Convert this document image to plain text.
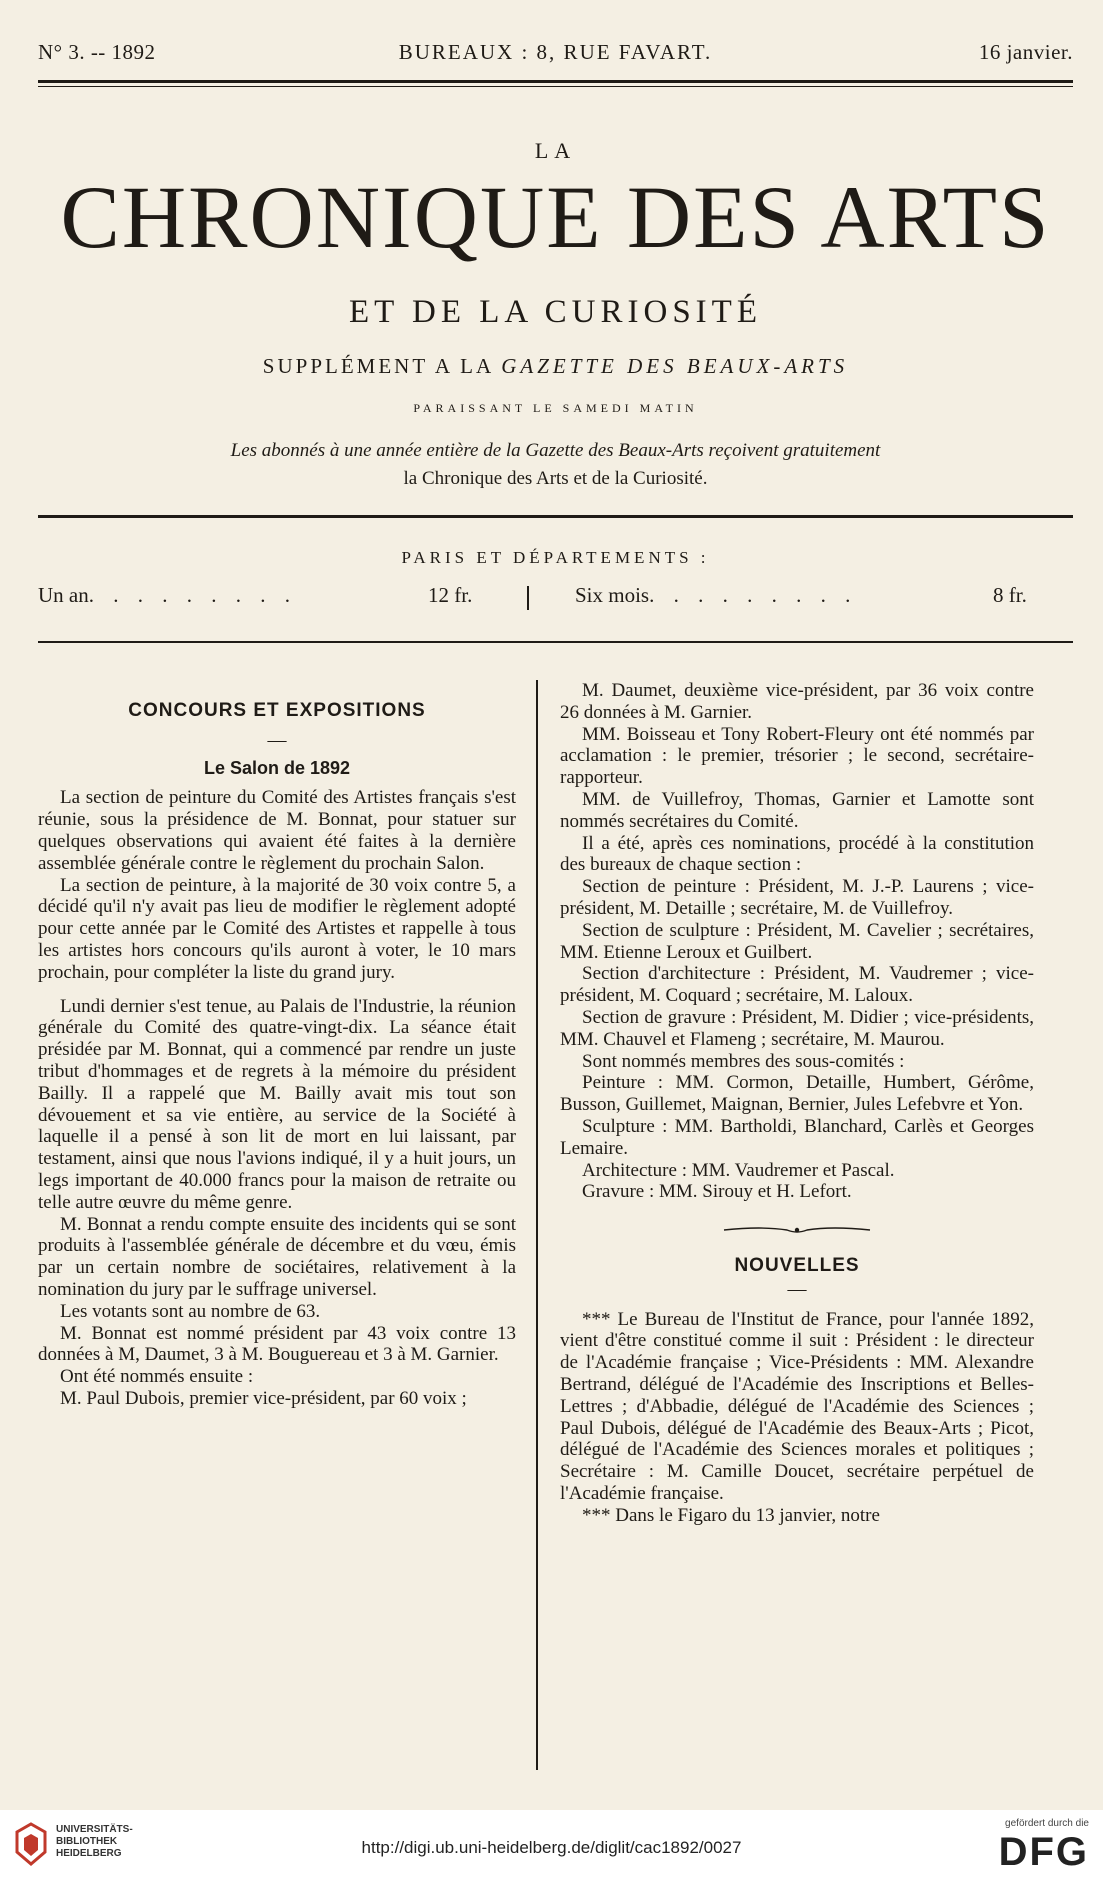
N° 3. -- 1892	BUREAUX : 8, RUE FAVART.	16 janvier.
LA
CHRONIQUE DES ARTS
ET DE LA CURIOSITÉ
SUPPLÉMENT A LA GAZETTE DES BEAUX-ARTS
PARAISSANT LE SAMEDI MATIN
Les abonnés à une année entière de la Gazette des Beaux-Arts reçoivent gratuitement
la Chronique des Arts et de la Curiosité.
PARIS ET DÉPARTEMENTS :
Un an. . . . . . . . .	12 fr.	Six mois. . . . . . . . .	8 fr.

CONCOURS ET EXPOSITIONS

—

Le Salon de 1892

La section de peinture du Comité des Artistes français s'est réunie, sous la présidence de M. Bonnat, pour statuer sur quelques observations qui avaient été faites à la dernière assemblée générale contre le règlement du prochain Salon.

La section de peinture, à la majorité de 30 voix contre 5, a décidé qu'il n'y avait pas lieu de modifier le règlement adopté pour cette année par le Comité des Artistes et rappelle à tous les artistes hors concours qu'ils auront à voter, le 10 mars prochain, pour compléter la liste du grand jury.

Lundi dernier s'est tenue, au Palais de l'Industrie, la réunion générale du Comité des quatre-vingt-dix. La séance était présidée par M. Bonnat, qui a commencé par rendre un juste tribut d'hommages et de regrets à la mémoire du président Bailly. Il a rappelé que M. Bailly avait mis tout son dévouement et sa vie entière, au service de la Société à laquelle il a pensé à son lit de mort en lui laissant, par testament, ainsi que nous l'avions indiqué, il y a huit jours, un legs important de 40.000 francs pour la maison de retraite ou telle autre œuvre du même genre.

M. Bonnat a rendu compte ensuite des incidents qui se sont produits à l'assemblée générale de décembre et du vœu, émis par un certain nombre de sociétaires, relativement à la nomination du jury par le suffrage universel.

Les votants sont au nombre de 63.

M. Bonnat est nommé président par 43 voix contre 13 données à M, Daumet, 3 à M. Bouguereau et 3 à M. Garnier.

Ont été nommés ensuite :

M. Paul Dubois, premier vice-président, par 60 voix ;

M. Daumet, deuxième vice-président, par 36 voix contre 26 données à M. Garnier.

MM. Boisseau et Tony Robert-Fleury ont été nommés par acclamation : le premier, trésorier ; le second, secrétaire-rapporteur.

MM. de Vuillefroy, Thomas, Garnier et Lamotte sont nommés secrétaires du Comité.

Il a été, après ces nominations, procédé à la constitution des bureaux de chaque section :

Section de peinture : Président, M. J.-P. Laurens ; vice-président, M. Detaille ; secrétaire, M. de Vuillefroy.

Section de sculpture : Président, M. Cavelier ; secrétaires, MM. Etienne Leroux et Guilbert.

Section d'architecture : Président, M. Vaudremer ; vice-président, M. Coquard ; secrétaire, M. Laloux.

Section de gravure : Président, M. Didier ; vice-présidents, MM. Chauvel et Flameng ; secrétaire, M. Maurou.

Sont nommés membres des sous-comités :

Peinture : MM. Cormon, Detaille, Humbert, Gérôme, Busson, Guillemet, Maignan, Bernier, Jules Lefebvre et Yon.

Sculpture : MM. Bartholdi, Blanchard, Carlès et Georges Lemaire.

Architecture : MM. Vaudremer et Pascal.

Gravure : MM. Sirouy et H. Lefort.

NOUVELLES

—

*** Le Bureau de l'Institut de France, pour l'année 1892, vient d'être constitué comme il suit : Président : le directeur de l'Académie française ; Vice-Présidents : MM. Alexandre Bertrand, délégué de l'Académie des Inscriptions et Belles-Lettres ; d'Abbadie, délégué de l'Académie des Sciences ; Paul Dubois, délégué de l'Académie des Beaux-Arts ; Picot, délégué de l'Académie des Sciences morales et politiques ; Secrétaire : M. Camille Doucet, secrétaire perpétuel de l'Académie française.

*** Dans le Figaro du 13 janvier, notre

UNIVERSITÄTS-
BIBLIOTHEK
HEIDELBERG	http://digi.ub.uni-heidelberg.de/diglit/cac1892/0027
gefördert durch die
DFG
